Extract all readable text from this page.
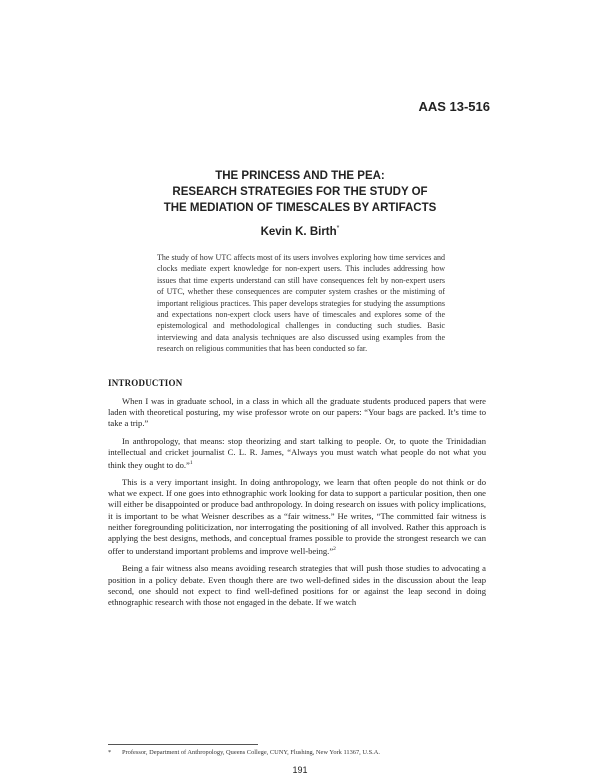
AAS 13-516
THE PRINCESS AND THE PEA:
RESEARCH STRATEGIES FOR THE STUDY OF
THE MEDIATION OF TIMESCALES BY ARTIFACTS
Kevin K. Birth*
The study of how UTC affects most of its users involves exploring how time services and clocks mediate expert knowledge for non-expert users. This includes addressing how issues that time experts understand can still have consequences felt by non-expert users of UTC, whether these consequences are computer system crashes or the mistiming of important religious practices. This paper develops strategies for studying the assumptions and expectations non-expert clock users have of timescales and explores some of the epistemological and methodological challenges in conducting such studies. Basic interviewing and data analysis techniques are also discussed using examples from the research on religious communities that has been conducted so far.
INTRODUCTION

When I was in graduate school, in a class in which all the graduate students produced papers that were laden with theoretical posturing, my wise professor wrote on our papers: “Your bags are packed. It’s time to take a trip.”

In anthropology, that means: stop theorizing and start talking to people. Or, to quote the Trinidadian intellectual and cricket journalist C. L. R. James, “Always you must watch what people do not what you think they ought to do.”$^1$

This is a very important insight. In doing anthropology, we learn that often people do not think or do what we expect. If one goes into ethnographic work looking for data to support a particular position, then one will either be disappointed or produce bad anthropology. In doing research on issues with policy implications, it is important to be what Weisner describes as a “fair witness.” He writes, “The committed fair witness is neither foregrounding politicization, nor interrogating the positioning of all involved. Rather this approach is applying the best designs, methods, and conceptual frames possible to provide the strongest research we can offer to understand important problems and improve well-being.”$^2$

Being a fair witness also means avoiding research strategies that will push those studies to advocating a position in a policy debate. Even though there are two well-defined sides in the discussion about the leap second, one should not expect to find well-defined positions for or against the leap second in doing ethnographic research with those not engaged in the debate. If we watch

* Professor, Department of Anthropology, Queens College, CUNY, Flushing, New York 11367, U.S.A.
191
